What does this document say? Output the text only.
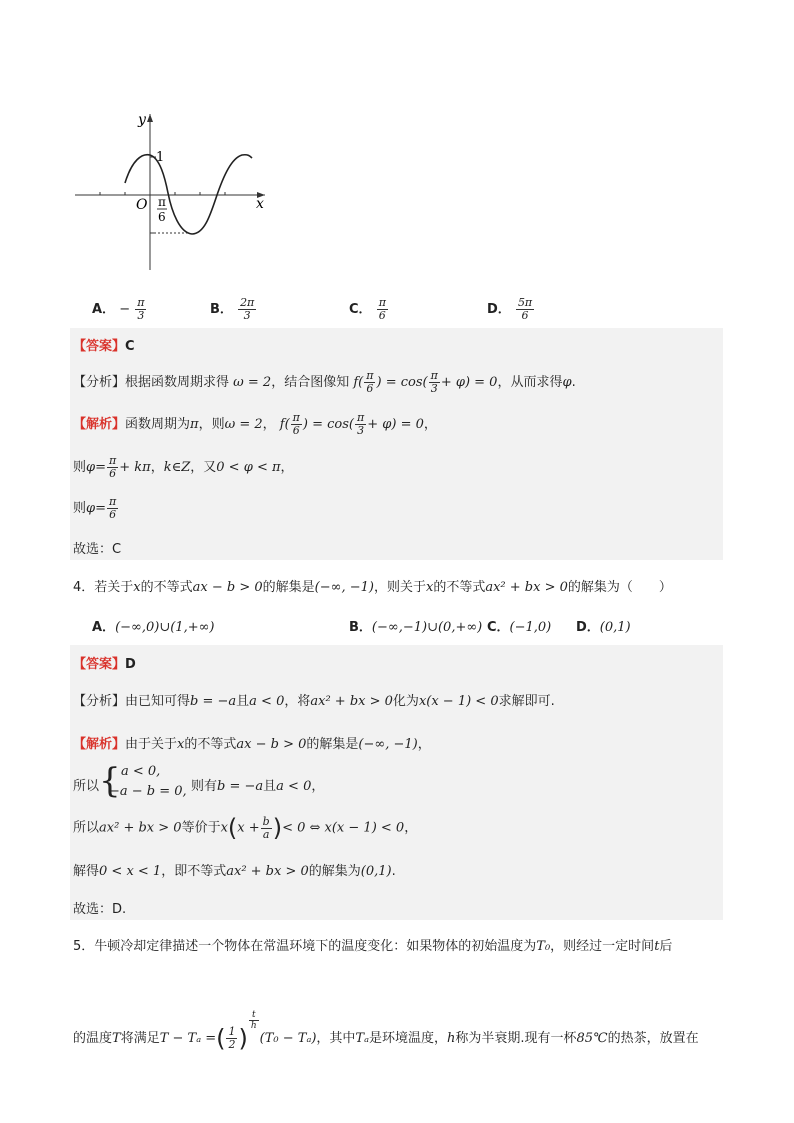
y
x
O
1
π
6
A． − $\frac{\pi}{3}$	B． $\frac{2\pi}{3}$	C． $\frac{\pi}{6}$	D． $\frac{5\pi}{6}$
【答案】C
【分析】根据函数周期求得 ω = 2，结合图像知 $f( \frac{\pi}{6}$ ) = $\cos( \frac{\pi}{3} + \varphi) = 0$，从而求得φ.
【解析】函数周期为π，则ω = 2， $f( \frac{\pi}{6}$ ) = $\cos( \frac{\pi}{3} + \varphi) = 0$，
则$\varphi= \frac{\pi}{6} + k\pi$，k∈Z，又0 < φ < π，
则$\varphi= \frac{\pi}{6}$
故选：C
4．若关于x的不等式ax − b > 0的解集是(−∞, −1)，则关于x的不等式ax² + bx > 0的解集为（　　）
A．(−∞,0)∪(1,+∞)	B．(−∞,−1)∪(0,+∞) C．(−1,0) D．(0,1)
【答案】D
【分析】由已知可得b = −a且a < 0，将ax² + bx > 0化为x(x − 1) < 0求解即可.
【解析】由于关于x的不等式ax − b > 0的解集是(−∞, −1)，
所以 { a < 0,
−a − b = 0, 则有b = −a且a < 0，
所以ax² + bx > 0等价于$x(x + \frac{b}{a}$ )< 0 ⇔ x(x − 1) < 0，
解得0 < x < 1，即不等式ax² + bx > 0的解集为(0,1).
故选：D.
5．牛顿冷却定律描述一个物体在常温环境下的温度变化：如果物体的初始温度为T₀，则经过一定时间t后
的温度T将满足T − Tₐ =( $\frac{1}{2}$ )
$^{\frac{t}{h}}$
(T₀ − Tₐ)，其中Tₐ是环境温度，h称为半衰期.现有一杯85℃的热茶，放置在
